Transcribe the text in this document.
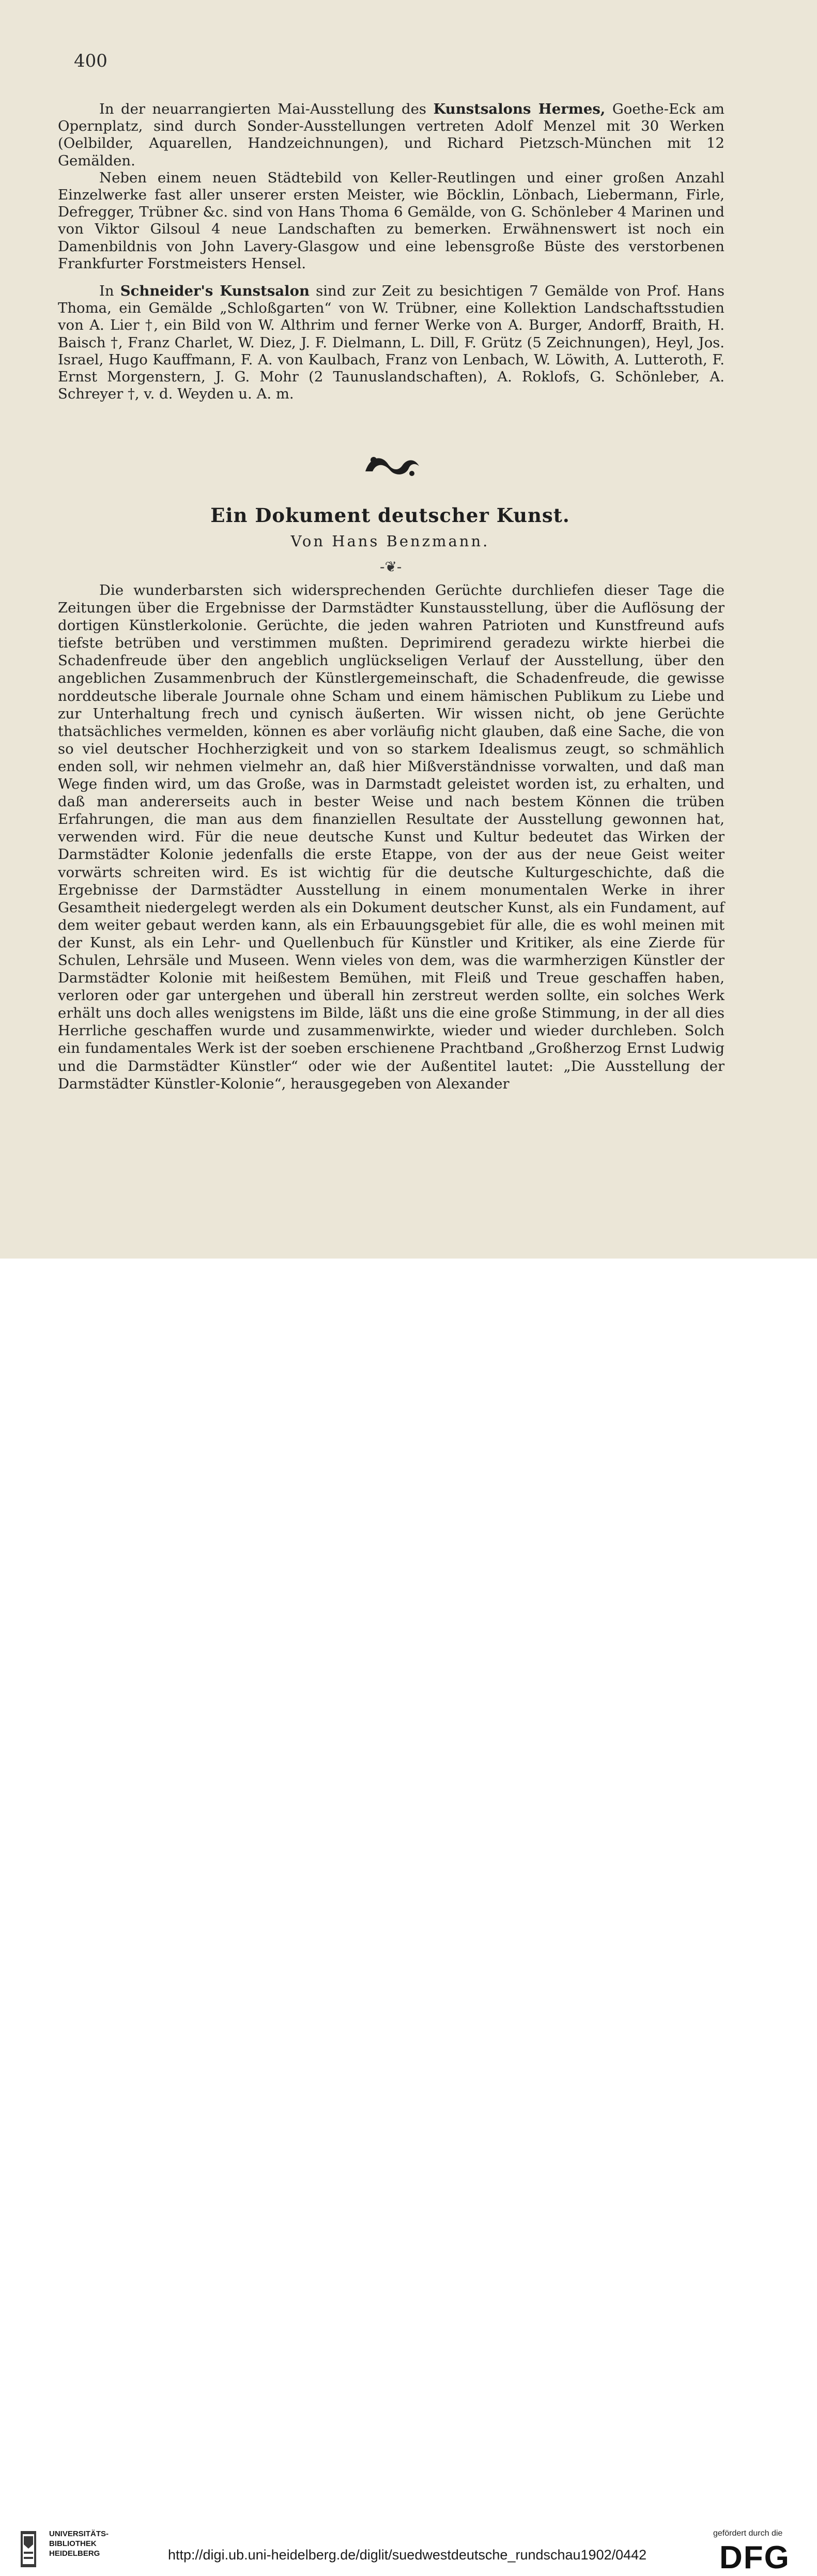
400

In der neuarrangierten Mai-Ausstellung des Kunstsalons Hermes, Goethe-Eck am Opernplatz, sind durch Sonder-Ausstellungen vertreten Adolf Menzel mit 30 Werken (Oelbilder, Aquarellen, Handzeichnungen), und Richard Pietzsch-München mit 12 Gemälden.

Neben einem neuen Städtebild von Keller-Reutlingen und einer großen Anzahl Einzelwerke fast aller unserer ersten Meister, wie Böcklin, Lönbach, Liebermann, Firle, Defregger, Trübner &c. sind von Hans Thoma 6 Gemälde, von G. Schönleber 4 Marinen und von Viktor Gilsoul 4 neue Landschaften zu bemerken. Erwähnenswert ist noch ein Damenbildnis von John Lavery-Glasgow und eine lebensgroße Büste des verstorbenen Frankfurter Forstmeisters Hensel.

In Schneider's Kunstsalon sind zur Zeit zu besichtigen 7 Gemälde von Prof. Hans Thoma, ein Gemälde „Schloßgarten“ von W. Trübner, eine Kollektion Landschaftsstudien von A. Lier †, ein Bild von W. Althrim und ferner Werke von A. Burger, Andorff, Braith, H. Baisch †, Franz Charlet, W. Diez, J. F. Dielmann, L. Dill, F. Grütz (5 Zeichnungen), Heyl, Jos. Israel, Hugo Kauffmann, F. A. von Kaulbach, Franz von Lenbach, W. Löwith, A. Lutteroth, F. Ernst Morgenstern, J. G. Mohr (2 Taunuslandschaften), A. Roklofs, G. Schönleber, A. Schreyer †, v. d. Weyden u. A. m.

Ein Dokument deutscher Kunst.
Von Hans Benzmann.
-❦-

Die wunderbarsten sich widersprechenden Gerüchte durchliefen dieser Tage die Zeitungen über die Ergebnisse der Darmstädter Kunstausstellung, über die Auflösung der dortigen Künstlerkolonie. Gerüchte, die jeden wahren Patrioten und Kunstfreund aufs tiefste betrüben und verstimmen mußten. Deprimirend geradezu wirkte hierbei die Schadenfreude über den angeblich unglückseligen Verlauf der Ausstellung, über den angeblichen Zusammenbruch der Künstlergemeinschaft, die Schadenfreude, die gewisse norddeutsche liberale Journale ohne Scham und einem hämischen Publikum zu Liebe und zur Unterhaltung frech und cynisch äußerten. Wir wissen nicht, ob jene Gerüchte thatsächliches vermelden, können es aber vorläufig nicht glauben, daß eine Sache, die von so viel deutscher Hochherzigkeit und von so starkem Idealismus zeugt, so schmählich enden soll, wir nehmen vielmehr an, daß hier Mißverständnisse vorwalten, und daß man Wege finden wird, um das Große, was in Darmstadt geleistet worden ist, zu erhalten, und daß man andererseits auch in bester Weise und nach bestem Können die trüben Erfahrungen, die man aus dem finanziellen Resultate der Ausstellung gewonnen hat, verwenden wird. Für die neue deutsche Kunst und Kultur bedeutet das Wirken der Darmstädter Kolonie jedenfalls die erste Etappe, von der aus der neue Geist weiter vorwärts schreiten wird. Es ist wichtig für die deutsche Kulturgeschichte, daß die Ergebnisse der Darmstädter Ausstellung in einem monumentalen Werke in ihrer Gesamtheit niedergelegt werden als ein Dokument deutscher Kunst, als ein Fundament, auf dem weiter gebaut werden kann, als ein Erbauungsgebiet für alle, die es wohl meinen mit der Kunst, als ein Lehr- und Quellenbuch für Künstler und Kritiker, als eine Zierde für Schulen, Lehrsäle und Museen. Wenn vieles von dem, was die warmherzigen Künstler der Darmstädter Kolonie mit heißestem Bemühen, mit Fleiß und Treue geschaffen haben, verloren oder gar untergehen und überall hin zerstreut werden sollte, ein solches Werk erhält uns doch alles wenigstens im Bilde, läßt uns die eine große Stimmung, in der all dies Herrliche geschaffen wurde und zusammenwirkte, wieder und wieder durchleben. Solch ein fundamentales Werk ist der soeben erschienene Prachtband „Großherzog Ernst Ludwig und die Darmstädter Künstler“ oder wie der Außentitel lautet: „Die Ausstellung der Darmstädter Künstler-Kolonie“, herausgegeben von Alexander

UNIVERSITÄTS-
BIBLIOTHEK
HEIDELBERG	http://digi.ub.uni-heidelberg.de/diglit/suedwestdeutsche_rundschau1902/0442
gefördert durch die
DFG
